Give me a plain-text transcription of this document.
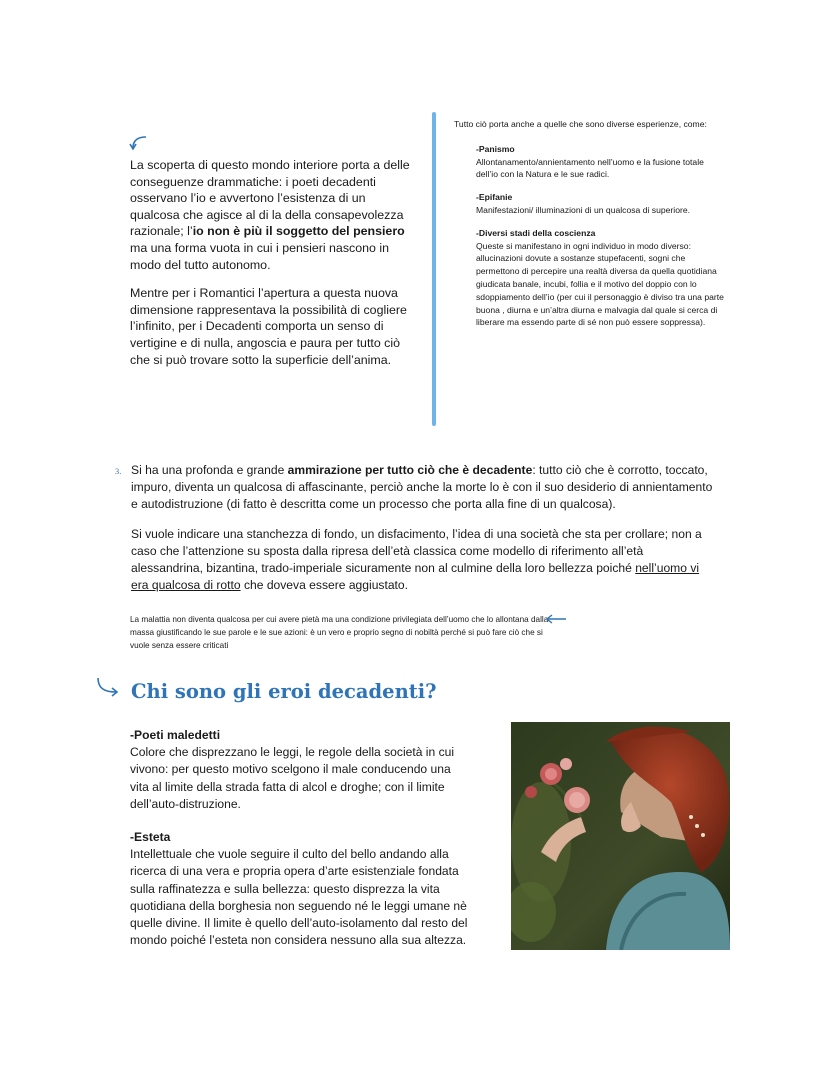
La scoperta di questo mondo interiore porta a delle conseguenze drammatiche: i poeti decadenti osservano l’io e avvertono l’esistenza di un qualcosa che agisce al di la della consapevolezza razionale; l’io non è più il soggetto del pensiero ma una forma vuota in cui i pensieri nascono in modo del tutto autonomo.

Mentre per i Romantici l’apertura a questa nuova dimensione rappresentava la possibilità di cogliere l’infinito, per i Decadenti comporta un senso di vertigine e di nulla, angoscia e paura per tutto ciò che si può trovare sotto la superficie dell’anima.

Tutto ciò porta anche a quelle che sono diverse esperienze, come:

-Panismo
Allontanamento/annientamento nell’uomo e la fusione totale dell’io con la Natura e le sue radici.
-Epifanie
Manifestazioni/ illuminazioni di un qualcosa di superiore.
-Diversi stadi della coscienza
Queste si manifestano in ogni individuo in modo diverso: allucinazioni dovute a sostanze stupefacenti, sogni che permettono di percepire una realtà diversa da quella quotidiana giudicata banale, incubi, follia e il motivo del doppio con lo sdoppiamento dell’io (per cui il personaggio è diviso tra una parte buona , diurna e un’altra diurna e malvagia dal quale si cerca di liberare ma essendo parte di sé non può essere soppressa).
3. Si ha una profonda e grande ammirazione per tutto ciò che è decadente: tutto ciò che è corrotto, toccato, impuro, diventa un qualcosa di affascinante, perciò anche la morte lo è con il suo desiderio di annientamento e autodistruzione (di fatto è descritta come un processo che porta alla fine di un qualcosa).

Si vuole indicare una stanchezza di fondo, un disfacimento, l’idea di una società che sta per crollare; non a caso che l’attenzione su sposta dalla ripresa dell’età classica come modello di riferimento all’età alessandrina, bizantina, trado-imperiale sicuramente non al culmine della loro bellezza poiché nell’uomo vi era qualcosa di rotto che doveva essere aggiustato.

La malattia non diventa qualcosa per cui avere pietà ma una condizione privilegiata dell’uomo che lo allontana dalla massa giustificando le sue parole e le sue azioni: è un vero e proprio segno di nobiltà perché si può fare ciò che si vuole senza essere criticati
Chi sono gli eroi decadenti?
-Poeti maledetti
Colore che disprezzano le leggi, le regole della società in cui vivono: per questo motivo scelgono il male conducendo una vita al limite della strada fatta di alcol e droghe; con il limite dell’auto-distruzione.
-Esteta
Intellettuale che vuole seguire il culto del bello andando alla ricerca di una vera e propria opera d’arte esistenziale fondata sulla raffinatezza e sulla bellezza: questo disprezza la vita quotidiana della borghesia non seguendo né le leggi umane nè quelle divine. Il limite è quello dell’auto-isolamento dal resto del mondo poiché l’esteta non considera nessuno alla sua altezza.
